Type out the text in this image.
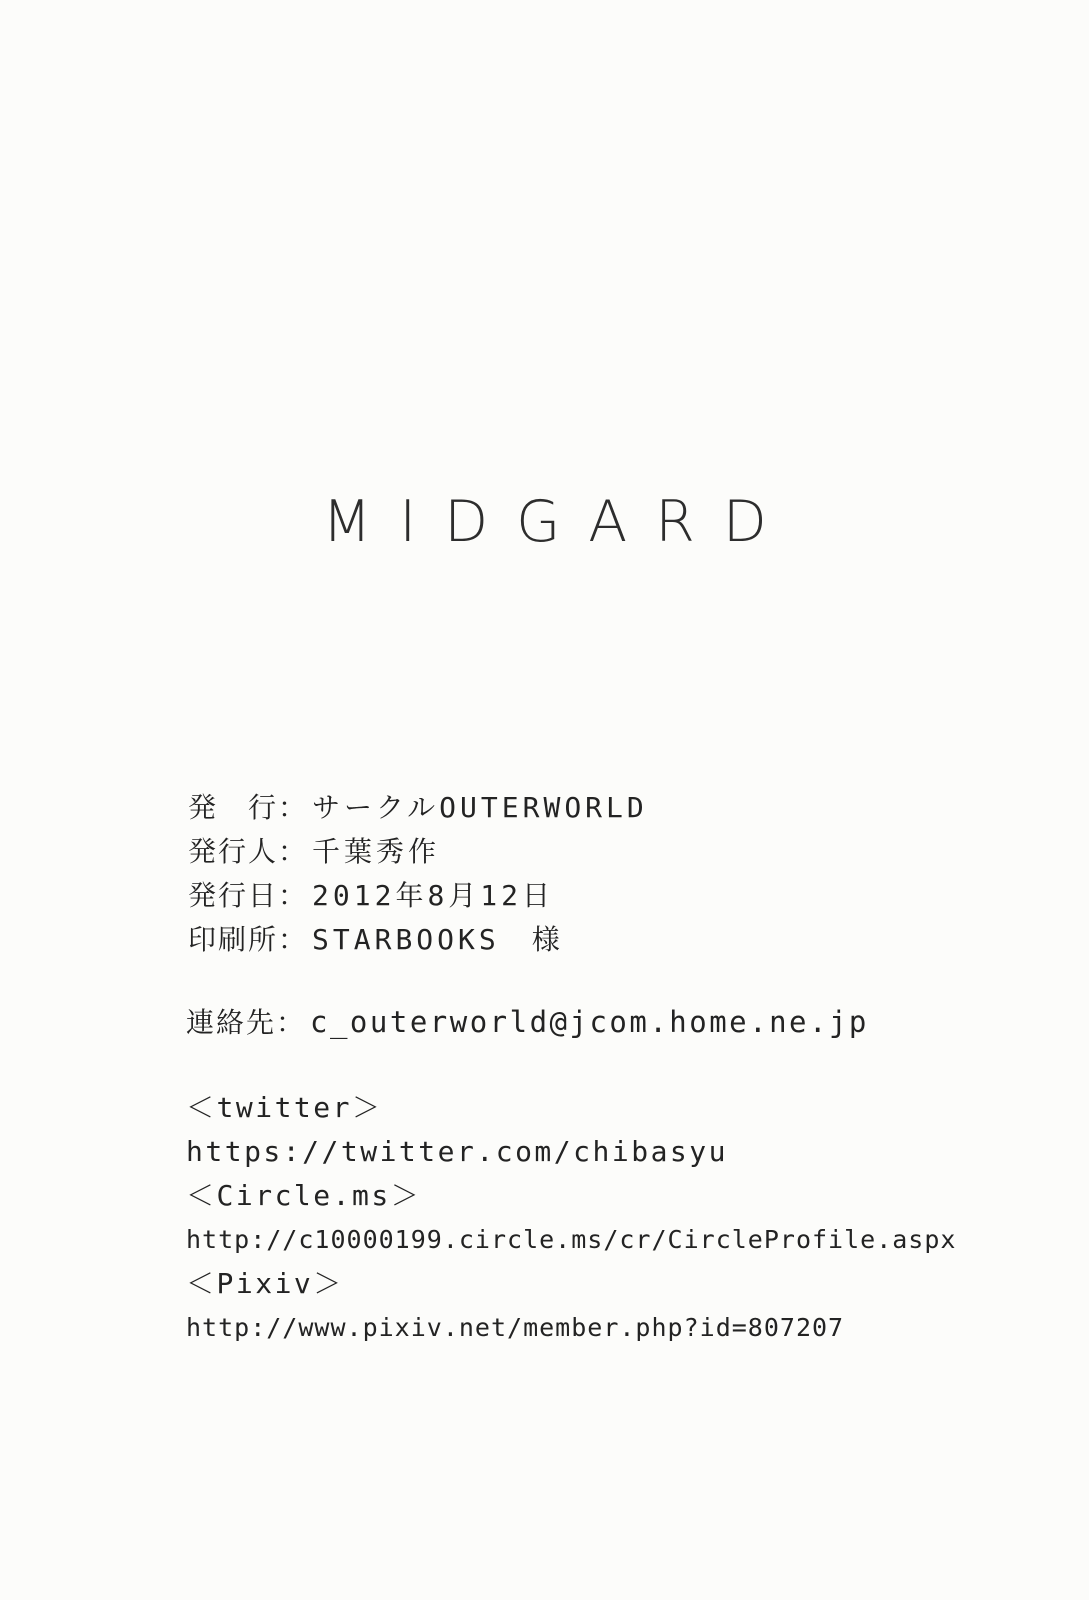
MIDGARD
発　行： サークルOUTERWORLD
発行人： 千葉秀作
発行日： 2012年8月12日
印刷所： STARBOOKS　様
連絡先： c_outerworld@jcom.home.ne.jp
＜twitter＞
https://twitter.com/chibasyu
＜Circle.ms＞
http://c10000199.circle.ms/cr/CircleProfile.aspx
＜Pixiv＞
http://www.pixiv.net/member.php?id=807207
